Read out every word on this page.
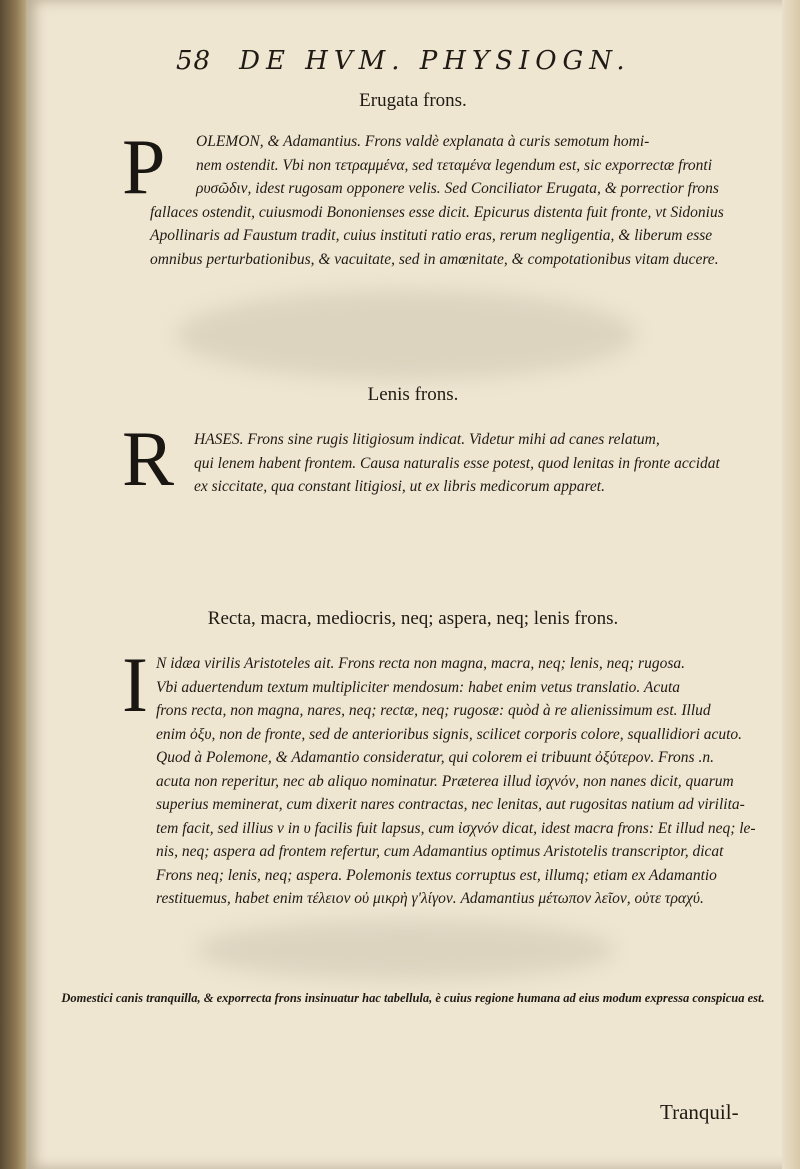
58 DE HVM. PHYSIOGN.
Erugata frons.
P OLEMON, & Adamantius. Frons valdè explanata à curis semotum homi-
nem ostendit. Vbi non τετραμμένα, sed τεταμένα legendum est, sic exporrectæ fronti
ρυσῶδιν, idest rugosam opponere velis. Sed Conciliator Erugata, & porrectior frons
fallaces ostendit, cuiusmodi Bononienses esse dicit. Epicurus distenta fuit fronte, vt Sidonius
Apollinaris ad Faustum tradit, cuius instituti ratio eras, rerum negligentia, & liberum esse
omnibus perturbationibus, & vacuitate, sed in amœnitate, & compotationibus vitam ducere.
Lenis frons.
R HASES. Frons sine rugis litigiosum indicat. Videtur mihi ad canes relatum,
qui lenem habent frontem. Causa naturalis esse potest, quod lenitas in fronte accidat
ex siccitate, qua constant litigiosi, ut ex libris medicorum apparet.
Recta, macra, mediocris, neq; aspera, neq; lenis frons.
I N idæa virilis Aristoteles ait. Frons recta non magna, macra, neq; lenis, neq; rugosa.
Vbi aduertendum textum multipliciter mendosum: habet enim vetus translatio. Acuta
frons recta, non magna, nares, neq; rectæ, neq; rugosæ: quòd à re alienissimum est. Illud
enim ὀξυ, non de fronte, sed de anterioribus signis, scilicet corporis colore, squallidiori acuto.
Quod à Polemone, & Adamantio consideratur, qui colorem ei tribuunt ὀξύτερον. Frons .n.
acuta non reperitur, nec ab aliquo nominatur. Præterea illud ἰσχνόν, non nanes dicit, quarum
superius meminerat, cum dixerit nares contractas, nec lenitas, aut rugositas natium ad virilita-
tem facit, sed illius ν in υ facilis fuit lapsus, cum ἰσχνόν dicat, idest macra frons: Et illud neq; le-
nis, neq; aspera ad frontem refertur, cum Adamantius optimus Aristotelis transcriptor, dicat
Frons neq; lenis, neq; aspera. Polemonis textus corruptus est, illumq; etiam ex Adamantio
restituemus, habet enim τέλειον οὐ μικρὴ γ'λίγον. Adamantius μέτωπον λεῖον, οὐτε τραχύ.
Domestici canis tranquilla, & exporrecta frons insinuatur hac tabellula, è cuius regione humana ad eius modum expressa conspicua est.
Tranquil-
